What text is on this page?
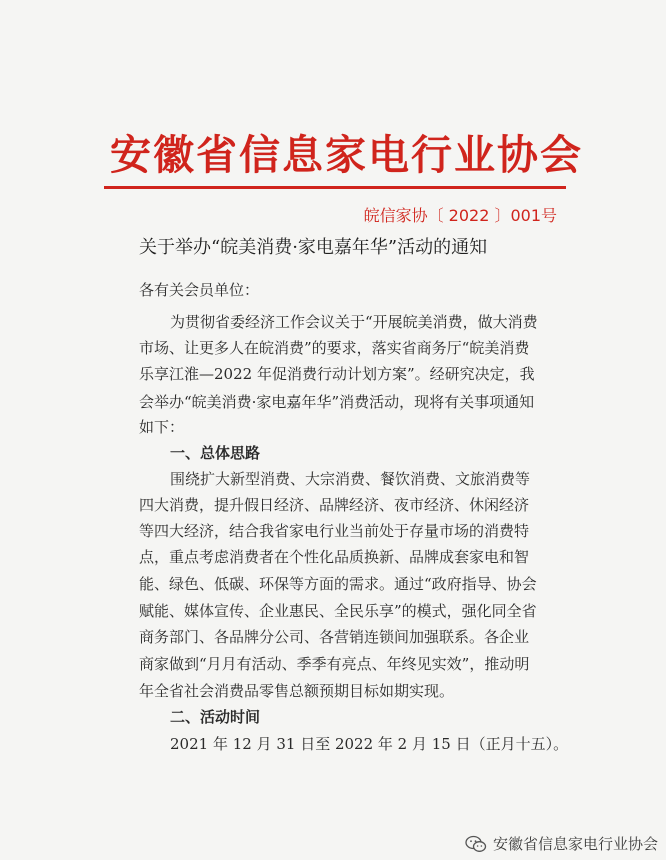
安徽省信息家电行业协会
皖信家协〔 2022 〕001号
关于举办“皖美消费·家电嘉年华”活动的通知
各有关会员单位：
为贯彻省委经济工作会议关于“开展皖美消费，做大消费
市场、让更多人在皖消费”的要求，落实省商务厅“皖美消费
乐享江淮—2022 年促消费行动计划方案”。经研究决定，我
会举办“皖美消费·家电嘉年华”消费活动，现将有关事项通知
如下：
一、总体思路
围绕扩大新型消费、大宗消费、餐饮消费、文旅消费等
四大消费，提升假日经济、品牌经济、夜市经济、休闲经济
等四大经济，结合我省家电行业当前处于存量市场的消费特
点，重点考虑消费者在个性化品质换新、品牌成套家电和智
能、绿色、低碳、环保等方面的需求。通过“政府指导、协会
赋能、媒体宣传、企业惠民、全民乐享”的模式，强化同全省
商务部门、各品牌分公司、各营销连锁间加强联系。各企业
商家做到“月月有活动、季季有亮点、年终见实效”，推动明
年全省社会消费品零售总额预期目标如期实现。
二、活动时间
2021 年 12 月 31 日至 2022 年 2 月 15 日（正月十五）。
安徽省信息家电行业协会
